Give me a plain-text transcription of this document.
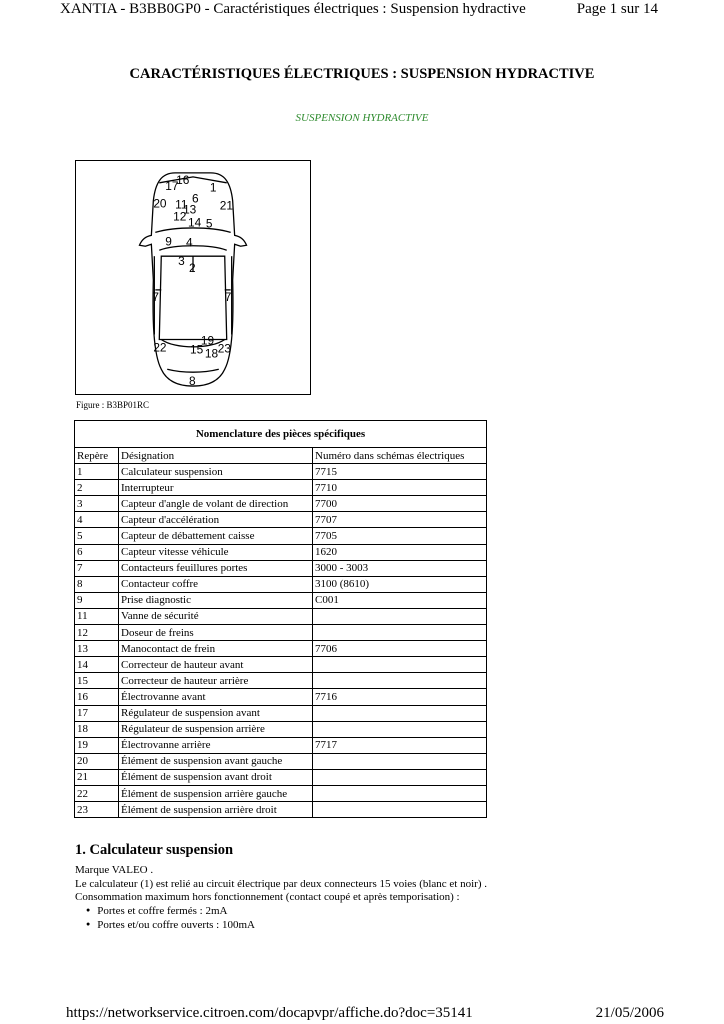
XANTIA - B3BB0GP0 - Caractéristiques électriques : Suspension hydractive	Page 1 sur 14
CARACTÉRISTIQUES ÉLECTRIQUES : SUSPENSION HYDRACTIVE
SUSPENSION HYDRACTIVE
16
17	1
6
20 11
13 21
12 14 5
9 4
3 2
7	7
22 15
19
18 23
8
Figure : B3BP01RC
Nomenclature des pièces spécifiques		
Repère	Désignation	Numéro dans schémas électriques
1	Calculateur suspension	7715
2	Interrupteur	7710
3	Capteur d'angle de volant de direction	7700
4	Capteur d'accélération	7707
5	Capteur de débattement caisse	7705
6	Capteur vitesse véhicule	1620
7	Contacteurs feuillures portes	3000 - 3003
8	Contacteur coffre	3100 (8610)
9	Prise diagnostic	C001
11	Vanne de sécurité	
12	Doseur de freins	
13	Manocontact de frein	7706
14	Correcteur de hauteur avant	
15	Correcteur de hauteur arrière	
16	Électrovanne avant	7716
17	Régulateur de suspension avant	
18	Régulateur de suspension arrière	
19	Électrovanne arrière	7717
20	Élément de suspension avant gauche	
21	Élément de suspension avant droit	
22	Élément de suspension arrière gauche	
23	Élément de suspension arrière droit	
1. Calculateur suspension

Marque VALEO .

Le calculateur (1) est relié au circuit électrique par deux connecteurs 15 voies (blanc et noir) .

Consommation maximum hors fonctionnement (contact coupé et après temporisation) :

● Portes et coffre fermés : 2mA
● Portes et/ou coffre ouverts : 100mA
https://networkservice.citroen.com/docapvpr/affiche.do?doc=35141	21/05/2006
